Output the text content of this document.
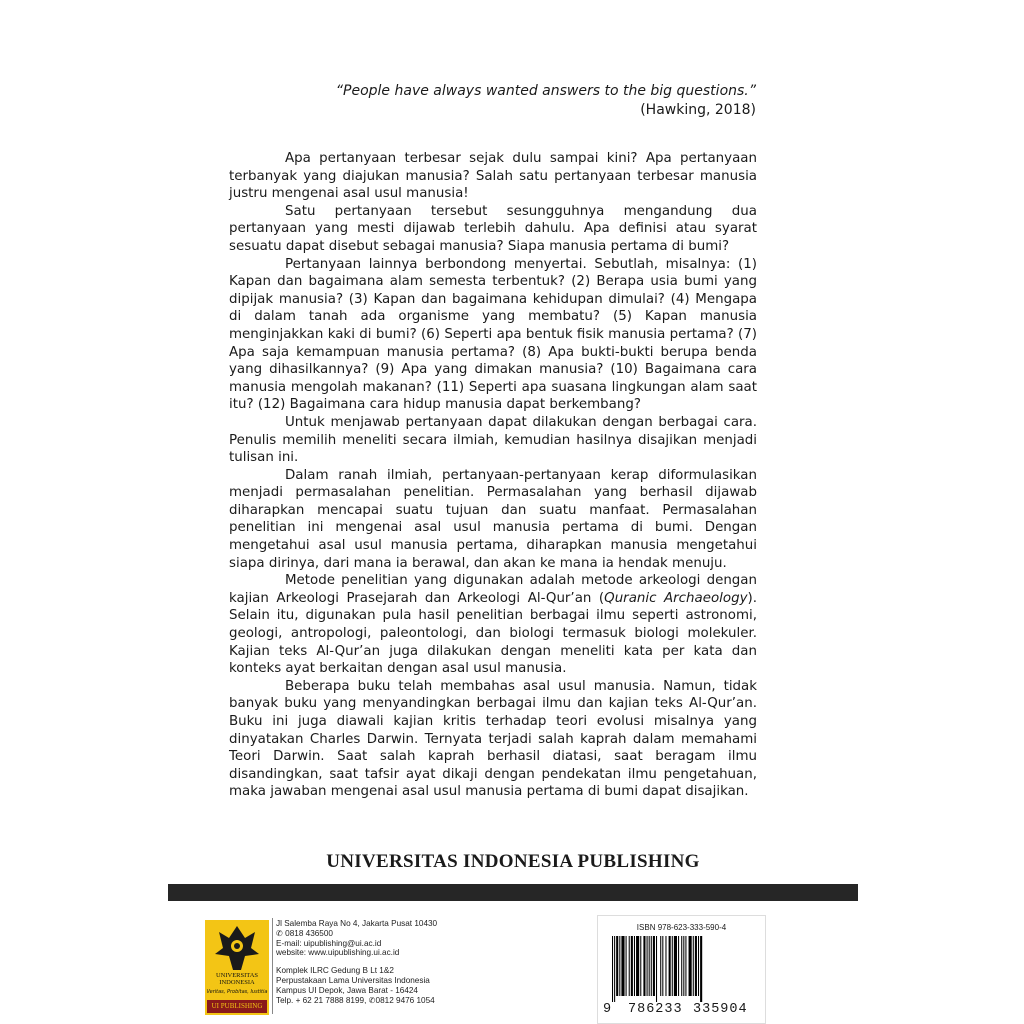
“People have always wanted answers to the big questions.”
(Hawking, 2018)

Apa pertanyaan terbesar sejak dulu sampai kini? Apa pertanyaan terbanyak yang diajukan manusia? Salah satu pertanyaan terbesar manusia justru mengenai asal usul manusia!

Satu pertanyaan tersebut sesungguhnya mengandung dua pertanyaan yang mesti dijawab terlebih dahulu. Apa definisi atau syarat sesuatu dapat disebut sebagai manusia? Siapa manusia pertama di bumi?

Pertanyaan lainnya berbondong menyertai. Sebutlah, misalnya: (1) Kapan dan bagaimana alam semesta terbentuk? (2) Berapa usia bumi yang dipijak manusia? (3) Kapan dan bagaimana kehidupan dimulai? (4) Mengapa di dalam tanah ada organisme yang membatu? (5) Kapan manusia menginjakkan kaki di bumi? (6) Seperti apa bentuk fisik manusia pertama? (7) Apa saja kemampuan manusia pertama? (8) Apa bukti-bukti berupa benda yang dihasilkannya? (9) Apa yang dimakan manusia? (10) Bagaimana cara manusia mengolah makanan? (11) Seperti apa suasana lingkungan alam saat itu? (12) Bagaimana cara hidup manusia dapat berkembang?

Untuk menjawab pertanyaan dapat dilakukan dengan berbagai cara. Penulis memilih meneliti secara ilmiah, kemudian hasilnya disajikan menjadi tulisan ini.

Dalam ranah ilmiah, pertanyaan-pertanyaan kerap diformulasikan menjadi permasalahan penelitian. Permasalahan yang berhasil dijawab diharapkan mencapai suatu tujuan dan suatu manfaat. Permasalahan penelitian ini mengenai asal usul manusia pertama di bumi. Dengan mengetahui asal usul manusia pertama, diharapkan manusia mengetahui siapa dirinya, dari mana ia berawal, dan akan ke mana ia hendak menuju.

Metode penelitian yang digunakan adalah metode arkeologi dengan kajian Arkeologi Prasejarah dan Arkeologi Al-Qur’an (Quranic Archaeology). Selain itu, digunakan pula hasil penelitian berbagai ilmu seperti astronomi, geologi, antropologi, paleontologi, dan biologi termasuk biologi molekuler. Kajian teks Al-Qur’an juga dilakukan dengan meneliti kata per kata dan konteks ayat berkaitan dengan asal usul manusia.

Beberapa buku telah membahas asal usul manusia. Namun, tidak banyak buku yang menyandingkan berbagai ilmu dan kajian teks Al-Qur’an. Buku ini juga diawali kajian kritis terhadap teori evolusi misalnya yang dinyatakan Charles Darwin. Ternyata terjadi salah kaprah dalam memahami Teori Darwin. Saat salah kaprah berhasil diatasi, saat beragam ilmu disandingkan, saat tafsir ayat dikaji dengan pendekatan ilmu pengetahuan, maka jawaban mengenai asal usul manusia pertama di bumi dapat disajikan.

UNIVERSITAS INDONESIA PUBLISHING
UNIVERSITAS
INDONESIA
Veritas, Probitas, Iustitia
UI PUBLISHING
Jl Salemba Raya No 4, Jakarta Pusat 10430
✆ 0818 436500
E-mail: uipublishing@ui.ac.id
website: www.uipublishing.ui.ac.id
Komplek ILRC Gedung B Lt 1&2
Perpustakaan Lama Universitas Indonesia
Kampus UI Depok, Jawa Barat - 16424
Telp. + 62 21 7888 8199, ✆0812 9476 1054
ISBN 978-623-333-590-4
9 786233 335904
